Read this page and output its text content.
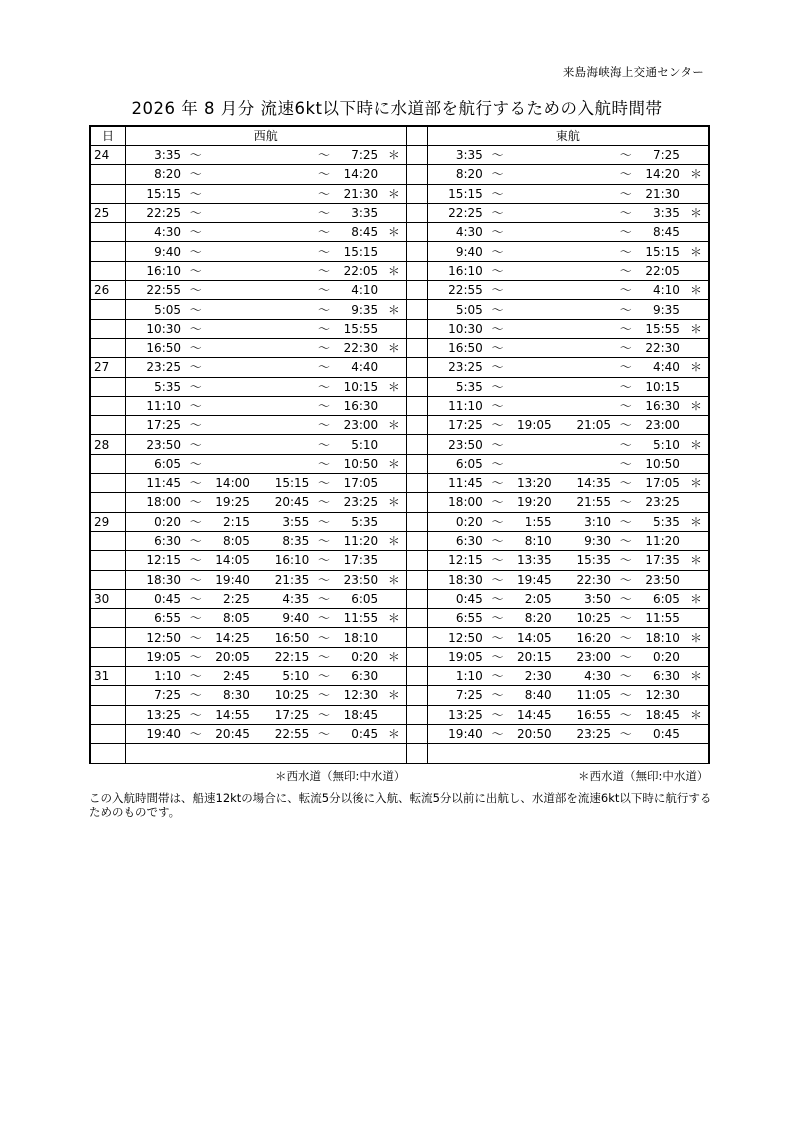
来島海峡海上交通センター
2026 年 8 月分 流速6kt以下時に水道部を航行するための入航時間帯
日	西航								東航						
24	3:35	～			～	7:25	＊		3:35	～			～	7:25	
	8:20	～			～	14:20			8:20	～			～	14:20	＊
	15:15	～			～	21:30	＊		15:15	～			～	21:30	
25	22:25	～			～	3:35			22:25	～			～	3:35	＊
	4:30	～			～	8:45	＊		4:30	～			～	8:45	
	9:40	～			～	15:15			9:40	～			～	15:15	＊
	16:10	～			～	22:05	＊		16:10	～			～	22:05	
26	22:55	～			～	4:10			22:55	～			～	4:10	＊
	5:05	～			～	9:35	＊		5:05	～			～	9:35	
	10:30	～			～	15:55			10:30	～			～	15:55	＊
	16:50	～			～	22:30	＊		16:50	～			～	22:30	
27	23:25	～			～	4:40			23:25	～			～	4:40	＊
	5:35	～			～	10:15	＊		5:35	～			～	10:15	
	11:10	～			～	16:30			11:10	～			～	16:30	＊
	17:25	～			～	23:00	＊		17:25	～	19:05	21:05	～	23:00	
28	23:50	～			～	5:10			23:50	～			～	5:10	＊
	6:05	～			～	10:50	＊		6:05	～			～	10:50	
	11:45	～	14:00	15:15	～	17:05			11:45	～	13:20	14:35	～	17:05	＊
	18:00	～	19:25	20:45	～	23:25	＊		18:00	～	19:20	21:55	～	23:25	
29	0:20	～	2:15	3:55	～	5:35			0:20	～	1:55	3:10	～	5:35	＊
	6:30	～	8:05	8:35	～	11:20	＊		6:30	～	8:10	9:30	～	11:20	
	12:15	～	14:05	16:10	～	17:35			12:15	～	13:35	15:35	～	17:35	＊
	18:30	～	19:40	21:35	～	23:50	＊		18:30	～	19:45	22:30	～	23:50	
30	0:45	～	2:25	4:35	～	6:05			0:45	～	2:05	3:50	～	6:05	＊
	6:55	～	8:05	9:40	～	11:55	＊		6:55	～	8:20	10:25	～	11:55	
	12:50	～	14:25	16:50	～	18:10			12:50	～	14:05	16:20	～	18:10	＊
	19:05	～	20:05	22:15	～	0:20	＊		19:05	～	20:15	23:00	～	0:20	
31	1:10	～	2:45	5:10	～	6:30			1:10	～	2:30	4:30	～	6:30	＊
	7:25	～	8:30	10:25	～	12:30	＊		7:25	～	8:40	11:05	～	12:30	
	13:25	～	14:55	17:25	～	18:45			13:25	～	14:45	16:55	～	18:45	＊
	19:40	～	20:45	22:55	～	0:45	＊		19:40	～	20:50	23:25	～	0:45	

＊西水道（無印:中水道）	＊西水道（無印:中水道）
この入航時間帯は、船速12ktの場合に、転流5分以後に入航、転流5分以前に出航し、水道部を流速6kt以下時に航行するためのものです。
